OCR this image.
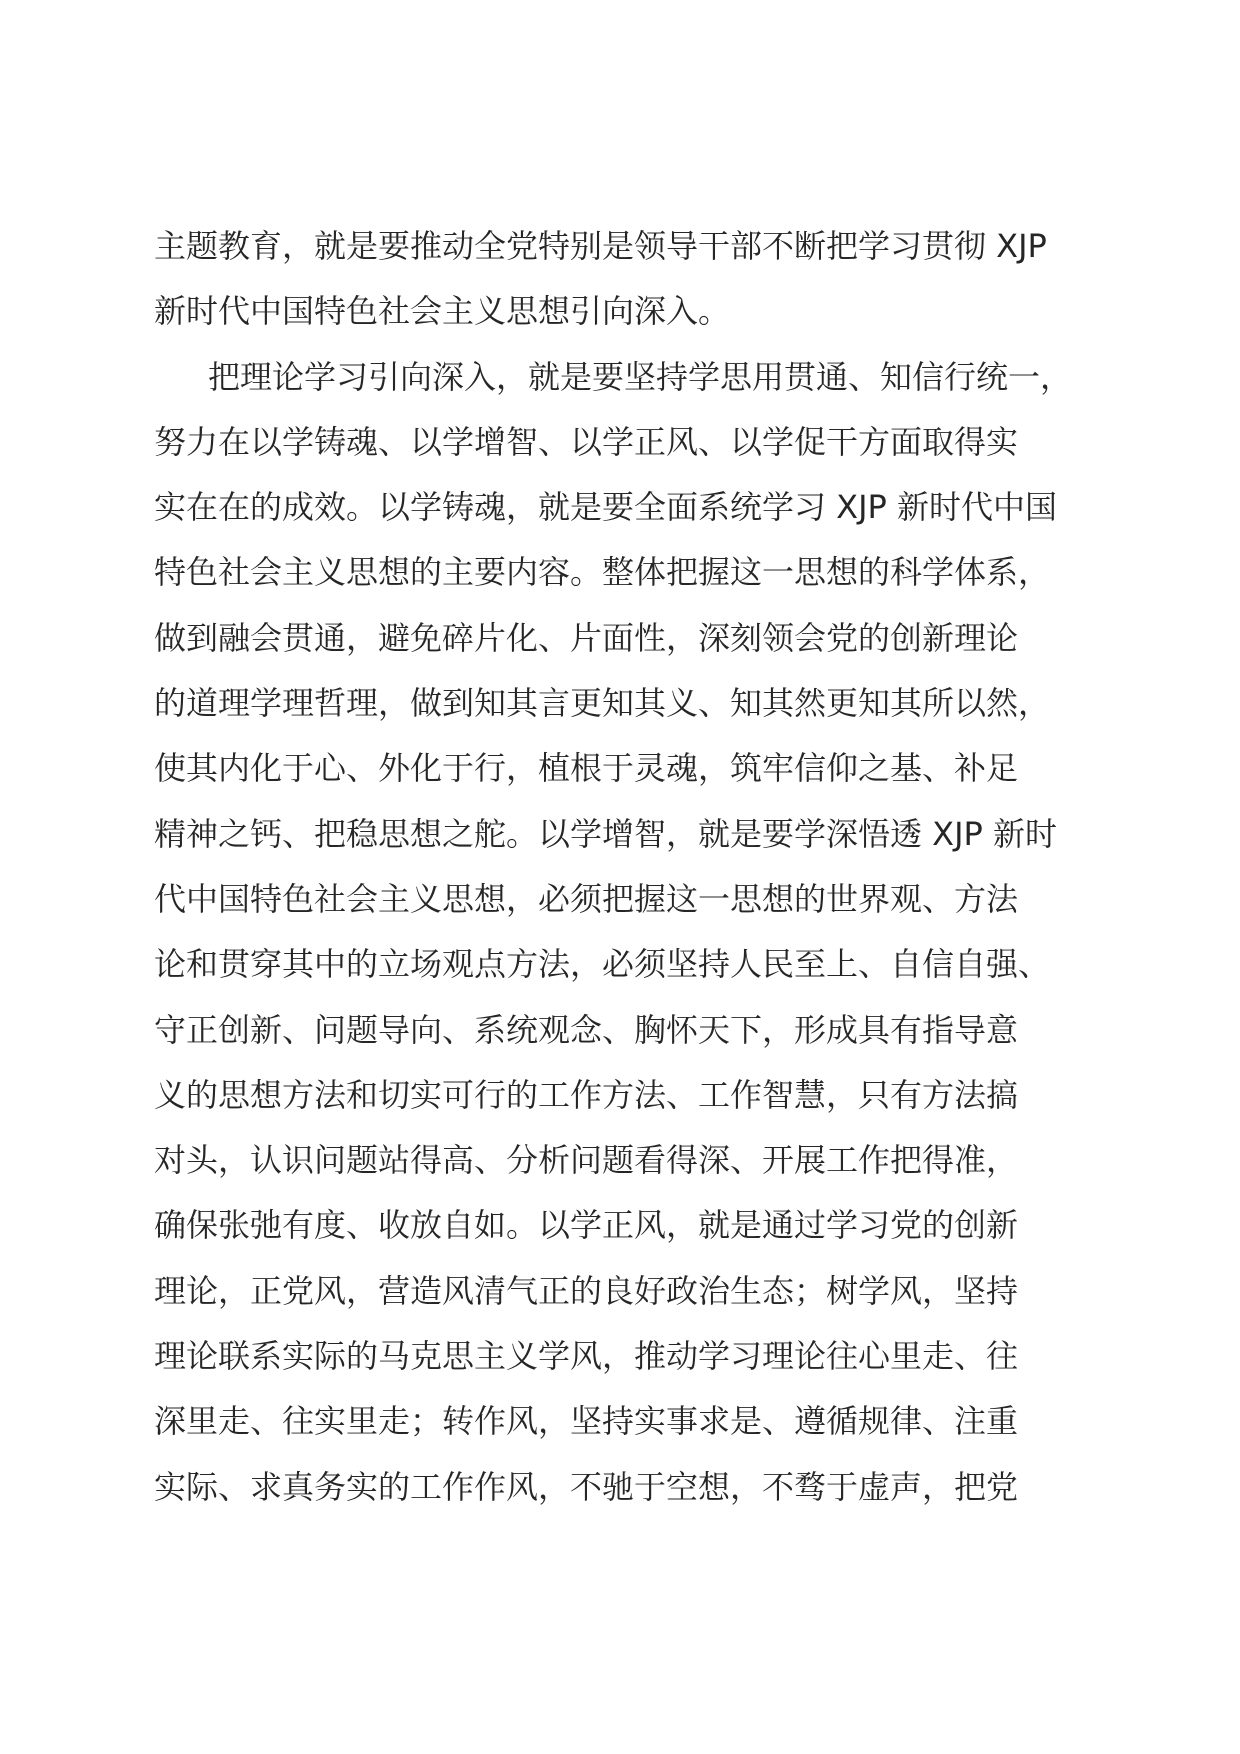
主题教育，就是要推动全党特别是领导干部不断把学习贯彻 XJP
新时代中国特色社会主义思想引向深入。
把理论学习引向深入，就是要坚持学思用贯通、知信行统一，
努力在以学铸魂、以学增智、以学正风、以学促干方面取得实
实在在的成效。以学铸魂，就是要全面系统学习 XJP 新时代中国
特色社会主义思想的主要内容。整体把握这一思想的科学体系，
做到融会贯通，避免碎片化、片面性，深刻领会党的创新理论
的道理学理哲理，做到知其言更知其义、知其然更知其所以然，
使其内化于心、外化于行，植根于灵魂，筑牢信仰之基、补足
精神之钙、把稳思想之舵。以学增智，就是要学深悟透 XJP 新时
代中国特色社会主义思想，必须把握这一思想的世界观、方法
论和贯穿其中的立场观点方法，必须坚持人民至上、自信自强、
守正创新、问题导向、系统观念、胸怀天下，形成具有指导意
义的思想方法和切实可行的工作方法、工作智慧，只有方法搞
对头，认识问题站得高、分析问题看得深、开展工作把得准，
确保张弛有度、收放自如。以学正风，就是通过学习党的创新
理论，正党风，营造风清气正的良好政治生态；树学风，坚持
理论联系实际的马克思主义学风，推动学习理论往心里走、往
深里走、往实里走；转作风，坚持实事求是、遵循规律、注重
实际、求真务实的工作作风，不驰于空想，不骛于虚声，把党
